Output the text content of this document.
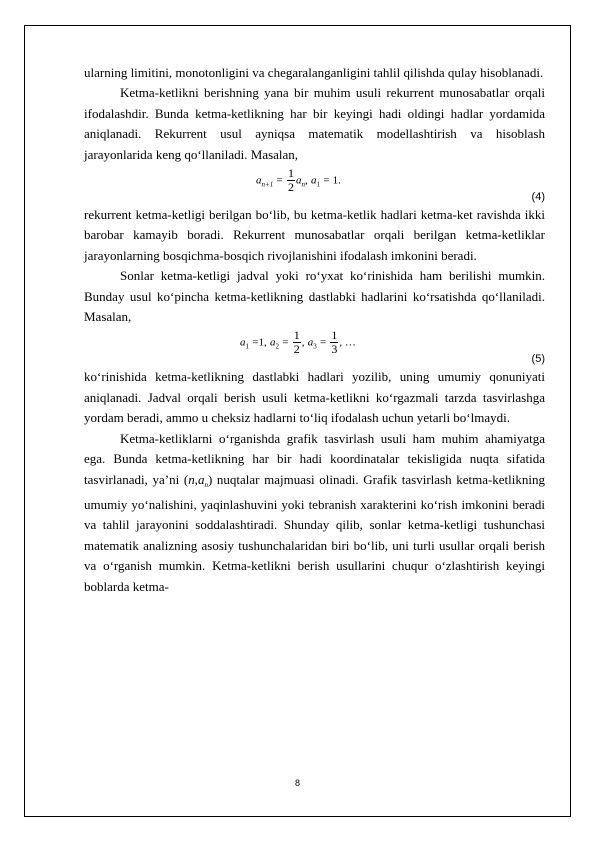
ularning limitini, monotonligini va chegaralanganligini tahlil qilishda qulay hisoblanadi.

Ketma-ketlikni berishning yana bir muhim usuli rekurrent munosabatlar orqali ifodalashdir. Bunda ketma-ketlikning har bir keyingi hadi oldingi hadlar yordamida aniqlanadi. Rekurrent usul ayniqsa matematik modellashtirish va hisoblash jarayonlarida keng qo‘llaniladi. Masalan,

$a_{n+1} = \frac{1}{2} a_n$, $a_1 = 1$.
(4)

rekurrent ketma-ketligi berilgan bo‘lib, bu ketma-ketlik hadlari ketma-ket ravishda ikki barobar kamayib boradi. Rekurrent munosabatlar orqali berilgan ketma-ketliklar jarayonlarning bosqichma-bosqich rivojlanishini ifodalash imkonini beradi.

Sonlar ketma-ketligi jadval yoki ro‘yxat ko‘rinishida ham berilishi mumkin. Bunday usul ko‘pincha ketma-ketlikning dastlabki hadlarini ko‘rsatishda qo‘llaniladi. Masalan,

$a_1 =1$, $a_2 = \frac{1}{2}$ , $a_3 = \frac{1}{3}$ , …
(5)

ko‘rinishida ketma-ketlikning dastlabki hadlari yozilib, uning umumiy qonuniyati aniqlanadi. Jadval orqali berish usuli ketma-ketlikni ko‘rgazmali tarzda tasvirlashga yordam beradi, ammo u cheksiz hadlarni to‘liq ifodalash uchun yetarli bo‘lmaydi.

Ketma-ketliklarni o‘rganishda grafik tasvirlash usuli ham muhim ahamiyatga ega. Bunda ketma-ketlikning har bir hadi koordinatalar tekisligida nuqta sifatida tasvirlanadi, ya’ni $(n,a_n)$ nuqtalar majmuasi olinadi. Grafik tasvirlash ketma-ketlikning umumiy yo‘nalishini, yaqinlashuvini yoki tebranish xarakterini ko‘rish imkonini beradi va tahlil jarayonini soddalashtiradi. Shunday qilib, sonlar ketma-ketligi tushunchasi matematik analizning asosiy tushunchalaridan biri bo‘lib, uni turli usullar orqali berish va o‘rganish mumkin. Ketma-ketlikni berish usullarini chuqur o‘zlashtirish keyingi boblarda ketma-

8
